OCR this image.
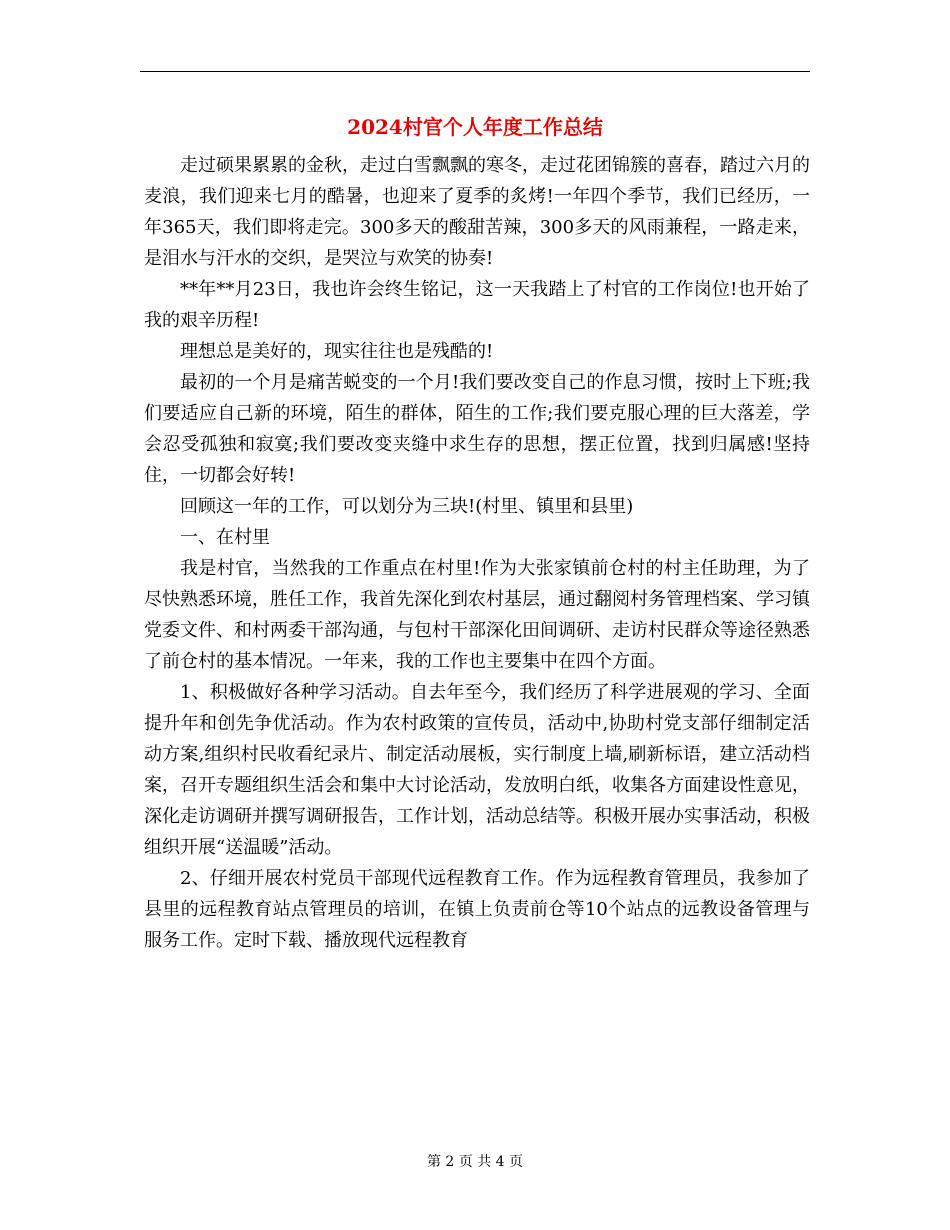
2024村官个人年度工作总结

走过硕果累累的金秋，走过白雪飘飘的寒冬，走过花团锦簇的喜春，踏过六月的麦浪，我们迎来七月的酷暑，也迎来了夏季的炙烤!一年四个季节，我们已经历，一年365天，我们即将走完。300多天的酸甜苦辣，300多天的风雨兼程，一路走来，是泪水与汗水的交织，是哭泣与欢笑的协奏!

**年**月23日，我也许会终生铭记，这一天我踏上了村官的工作岗位!也开始了我的艰辛历程!

理想总是美好的，现实往往也是残酷的!

最初的一个月是痛苦蜕变的一个月!我们要改变自己的作息习惯，按时上下班;我们要适应自己新的环境，陌生的群体，陌生的工作;我们要克服心理的巨大落差，学会忍受孤独和寂寞;我们要改变夹缝中求生存的思想，摆正位置，找到归属感!坚持住，一切都会好转!

回顾这一年的工作，可以划分为三块!(村里、镇里和县里)

一、在村里

我是村官，当然我的工作重点在村里!作为大张家镇前仓村的村主任助理，为了尽快熟悉环境，胜任工作，我首先深化到农村基层，通过翻阅村务管理档案、学习镇党委文件、和村两委干部沟通，与包村干部深化田间调研、走访村民群众等途径熟悉了前仓村的基本情况。一年来，我的工作也主要集中在四个方面。

1、积极做好各种学习活动。自去年至今，我们经历了科学进展观的学习、全面提升年和创先争优活动。作为农村政策的宣传员，活动中,协助村党支部仔细制定活动方案,组织村民收看纪录片、制定活动展板，实行制度上墙,刷新标语，建立活动档案，召开专题组织生活会和集中大讨论活动，发放明白纸，收集各方面建设性意见，深化走访调研并撰写调研报告，工作计划，活动总结等。积极开展办实事活动，积极组织开展“送温暖”活动。

2、仔细开展农村党员干部现代远程教育工作。作为远程教育管理员，我参加了县里的远程教育站点管理员的培训，在镇上负责前仓等10个站点的远教设备管理与服务工作。定时下载、播放现代远程教育

第 2 页 共 4 页
